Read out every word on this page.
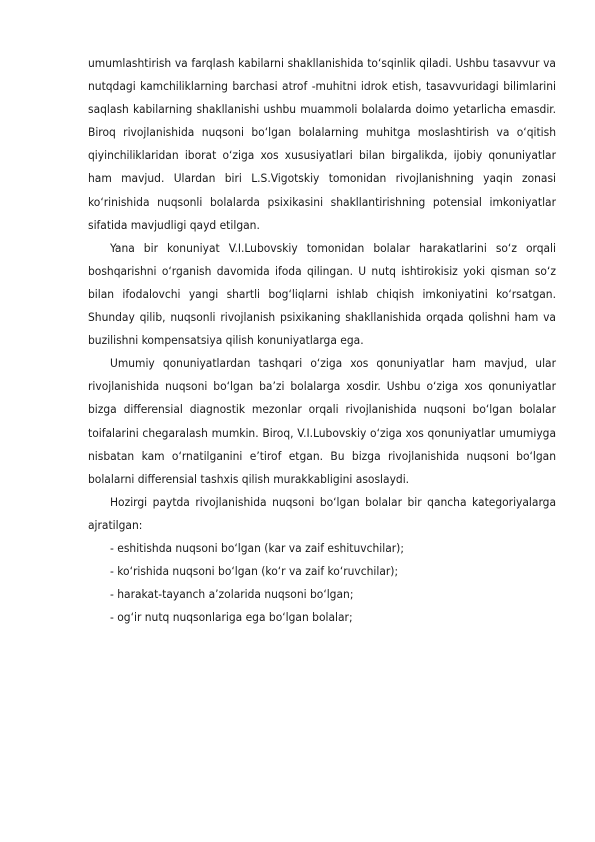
umumlashtirish va farqlash kabilarni shakllanishida to‘sqinlik qiladi. Ushbu tasavvur va nutqdagi kamchiliklarning barchasi atrof -muhitni idrok etish, tasavvuridagi bilimlarini saqlash kabilarning shakllanishi ushbu muammoli bolalarda doimo yetarlicha emasdir. Biroq rivojlanishida nuqsoni bo‘lgan bolalarning muhitga moslashtirish va o‘qitish qiyinchiliklaridan iborat o‘ziga xos xususiyatlari bilan birgalikda, ijobiy qonuniyatlar ham mavjud. Ulardan biri L.S.Vigotskiy tomonidan rivojlanishning yaqin zonasi ko‘rinishida nuqsonli bolalarda psixikasini shakllantirishning potensial imkoniyatlar sifatida mavjudligi qayd etilgan.

Yana bir konuniyat V.I.Lubovskiy tomonidan bolalar harakatlarini so‘z orqali boshqarishni o‘rganish davomida ifoda qilingan. U nutq ishtirokisiz yoki qisman so‘z bilan ifodalovchi yangi shartli bog‘liqlarni ishlab chiqish imkoniyatini ko‘rsatgan. Shunday qilib, nuqsonli rivojlanish psixikaning shakllanishida orqada qolishni ham va buzilishni kompensatsiya qilish konuniyatlarga ega.

Umumiy qonuniyatlardan tashqari o‘ziga xos qonuniyatlar ham mavjud, ular rivojlanishida nuqsoni bo‘lgan ba’zi bolalarga xosdir. Ushbu o‘ziga xos qonuniyatlar bizga differensial diagnostik mezonlar orqali rivojlanishida nuqsoni bo‘lgan bolalar toifalarini chegaralash mumkin. Biroq, V.I.Lubovskiy o‘ziga xos qonuniyatlar umumiyga nisbatan kam o‘rnatilganini e’tirof etgan. Bu bizga rivojlanishida nuqsoni bo‘lgan bolalarni differensial tashxis qilish murakkabligini asoslaydi.

Hozirgi paytda rivojlanishida nuqsoni bo‘lgan bolalar bir qancha kategoriyalarga ajratilgan:

- eshitishda nuqsoni bo‘lgan (kar va zaif eshituvchilar);

- ko‘rishida nuqsoni bo‘lgan (ko‘r va zaif ko‘ruvchilar);

- harakat-tayanch a’zolarida nuqsoni bo‘lgan;

- og‘ir nutq nuqsonlariga ega bo‘lgan bolalar;
